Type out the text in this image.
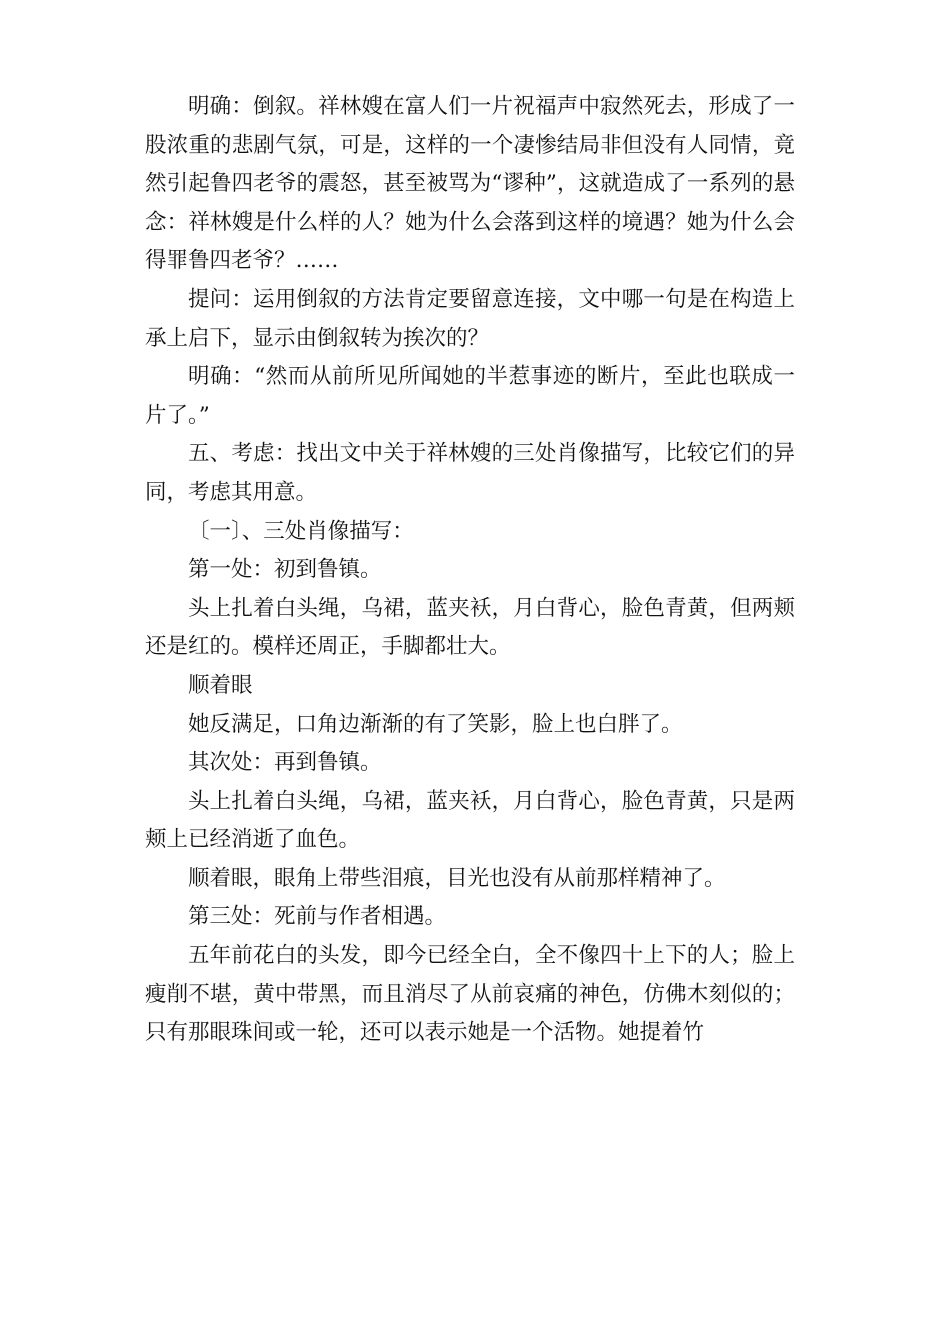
明确：倒叙。祥林嫂在富人们一片祝福声中寂然死去，形成了一股浓重的悲剧气氛，可是，这样的一个凄惨结局非但没有人同情，竟然引起鲁四老爷的震怒，甚至被骂为“谬种”，这就造成了一系列的悬念：祥林嫂是什么样的人？她为什么会落到这样的境遇？她为什么会得罪鲁四老爷？……

提问：运用倒叙的方法肯定要留意连接，文中哪一句是在构造上承上启下，显示由倒叙转为挨次的？

明确：“然而从前所见所闻她的半惹事迹的断片，至此也联成一片了。”

五、考虑：找出文中关于祥林嫂的三处肖像描写，比较它们的异同，考虑其用意。

〔一〕、三处肖像描写：

第一处：初到鲁镇。

头上扎着白头绳，乌裙，蓝夹袄，月白背心，脸色青黄，但两颊还是红的。模样还周正，手脚都壮大。

顺着眼

她反满足，口角边渐渐的有了笑影，脸上也白胖了。

其次处：再到鲁镇。

头上扎着白头绳，乌裙，蓝夹袄，月白背心，脸色青黄，只是两颊上已经消逝了血色。

顺着眼，眼角上带些泪痕，目光也没有从前那样精神了。

第三处：死前与作者相遇。

五年前花白的头发，即今已经全白，全不像四十上下的人；脸上瘦削不堪，黄中带黑，而且消尽了从前哀痛的神色，仿佛木刻似的；只有那眼珠间或一轮，还可以表示她是一个活物。她提着竹
